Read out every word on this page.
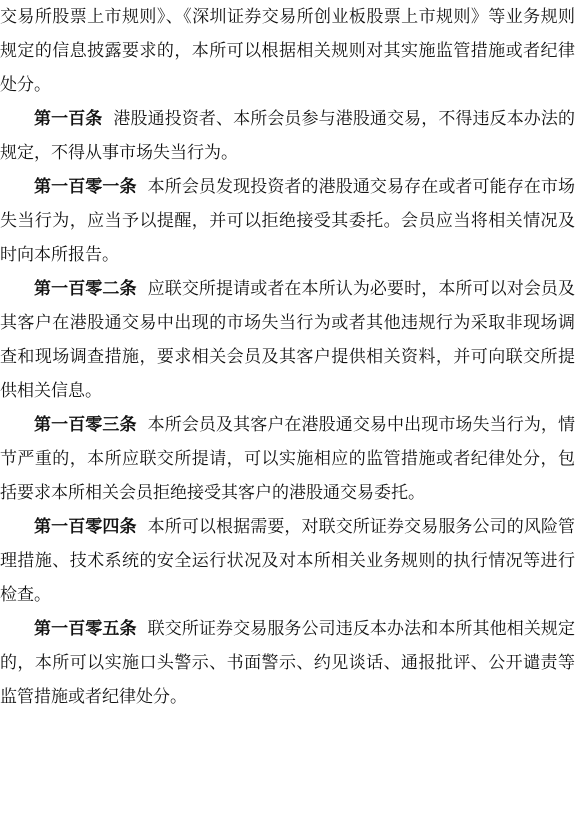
交易所股票上市规则》、《深圳证券交易所创业板股票上市规则》等业务规则规定的信息披露要求的，本所可以根据相关规则对其实施监管措施或者纪律处分。

第一百条 港股通投资者、本所会员参与港股通交易，不得违反本办法的规定，不得从事市场失当行为。

第一百零一条 本所会员发现投资者的港股通交易存在或者可能存在市场失当行为，应当予以提醒，并可以拒绝接受其委托。会员应当将相关情况及时向本所报告。

第一百零二条 应联交所提请或者在本所认为必要时，本所可以对会员及其客户在港股通交易中出现的市场失当行为或者其他违规行为采取非现场调查和现场调查措施，要求相关会员及其客户提供相关资料，并可向联交所提供相关信息。

第一百零三条 本所会员及其客户在港股通交易中出现市场失当行为，情节严重的，本所应联交所提请，可以实施相应的监管措施或者纪律处分，包括要求本所相关会员拒绝接受其客户的港股通交易委托。

第一百零四条 本所可以根据需要，对联交所证券交易服务公司的风险管理措施、技术系统的安全运行状况及对本所相关业务规则的执行情况等进行检查。

第一百零五条 联交所证券交易服务公司违反本办法和本所其他相关规定的，本所可以实施口头警示、书面警示、约见谈话、通报批评、公开谴责等监管措施或者纪律处分。
